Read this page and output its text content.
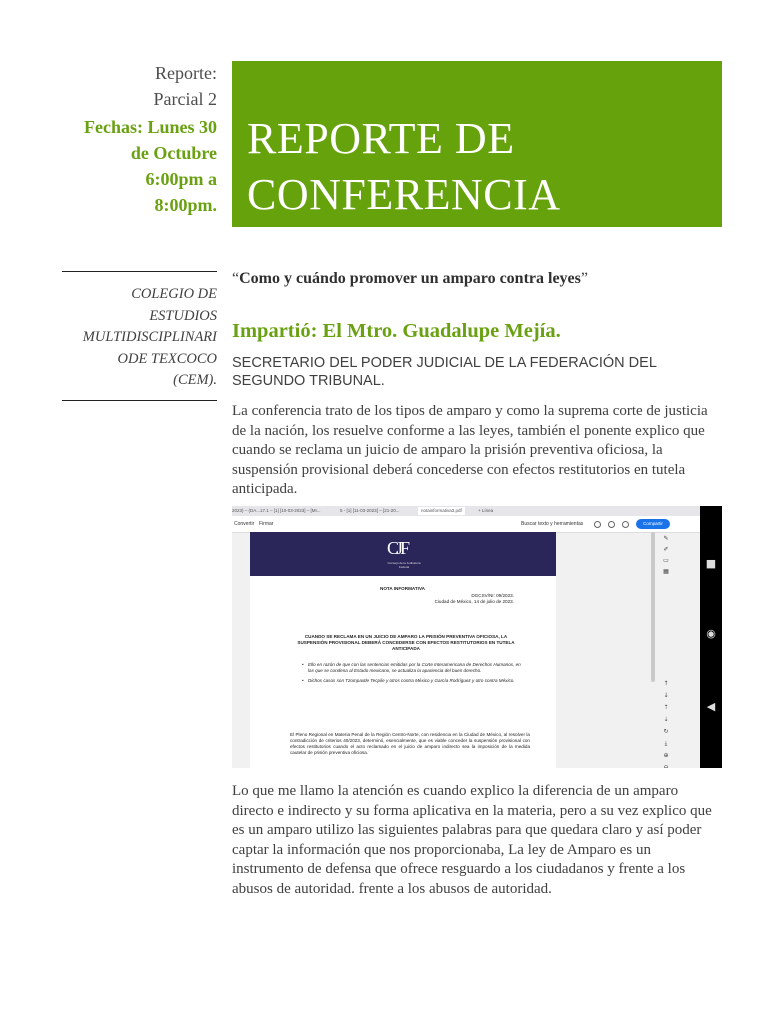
Reporte:
Parcial 2
Fechas: Lunes 30
de Octubre
6:00pm a
8:00pm.
REPORTE DE
CONFERENCIA
COLEGIO DE
ESTUDIOS
MULTIDISCIPLINARI
ODE TEXCOCO
(CEM).
“Como y cuándo promover un amparo contra leyes”
Impartió: El Mtro. Guadalupe Mejía.
SECRETARIO DEL PODER JUDICIAL DE LA FEDERACIÓN DEL SEGUNDO TRIBUNAL.
La conferencia trato de los tipos de amparo y como la suprema corte de justicia de la nación, los resuelve conforme a las leyes, también el ponente explico que cuando se reclama un juicio de amparo la prisión preventiva oficiosa, la suspensión provisional deberá concederse con efectos restitutorios en tutela anticipada.
2023) – (DA... 17.1 – [1] [10-03-2023] – [MI...	5 - [1] [11-03-2023] – [21-20...	notainformativa3.pdf	+ Línea
Convertir Firmar	Buscar texto y herramientas	Compartir
CJF
Consejo de la Judicatura Federal
NOTA INFORMATIVA
DGCSV/NI: 09/2023.
Ciudad de México, 14 de julio de 2023.
CUANDO SE RECLAMA EN UN JUICIO DE AMPARO LA PRISIÓN PREVENTIVA OFICIOSA, LA SUSPENSIÓN PROVISIONAL DEBERÁ CONCEDERSE CON EFECTOS RESTITUTORIOS EN TUTELA ANTICIPADA
• Ello en razón de que con las sentencias emitidas por la Corte Interamericana de Derechos Humanos, en las que se condena al Estado mexicano, se actualiza la apariencia del buen derecho.
• Dichos casos son Tzompaxtle Tecpile y otros contra México y García Rodríguez y otro contra México.
El Pleno Regional en Materia Penal de la Región Centro-Norte, con residencia en la Ciudad de México, al resolver la contradicción de criterios 40/2023, determinó, esencialmente, que es viable conceder la suspensión provisional con efectos restitutorios cuando el acto reclamado en el juicio de amparo indirecto sea la imposición de la medida cautelar de prisión preventiva oficiosa.
✎
✐
▭
▦
↑
↓
⇡
⇣
↻
⤓
⊕
⊖
■
◉
◀
Lo que me llamo la atención es cuando explico la diferencia de un amparo directo e indirecto y su forma aplicativa en la materia, pero a su vez explico que es un amparo utilizo las siguientes palabras para que quedara claro y así poder captar la información que nos proporcionaba, La ley de Amparo es un instrumento de defensa que ofrece resguardo a los ciudadanos y frente a los abusos de autoridad. frente a los abusos de autoridad.
